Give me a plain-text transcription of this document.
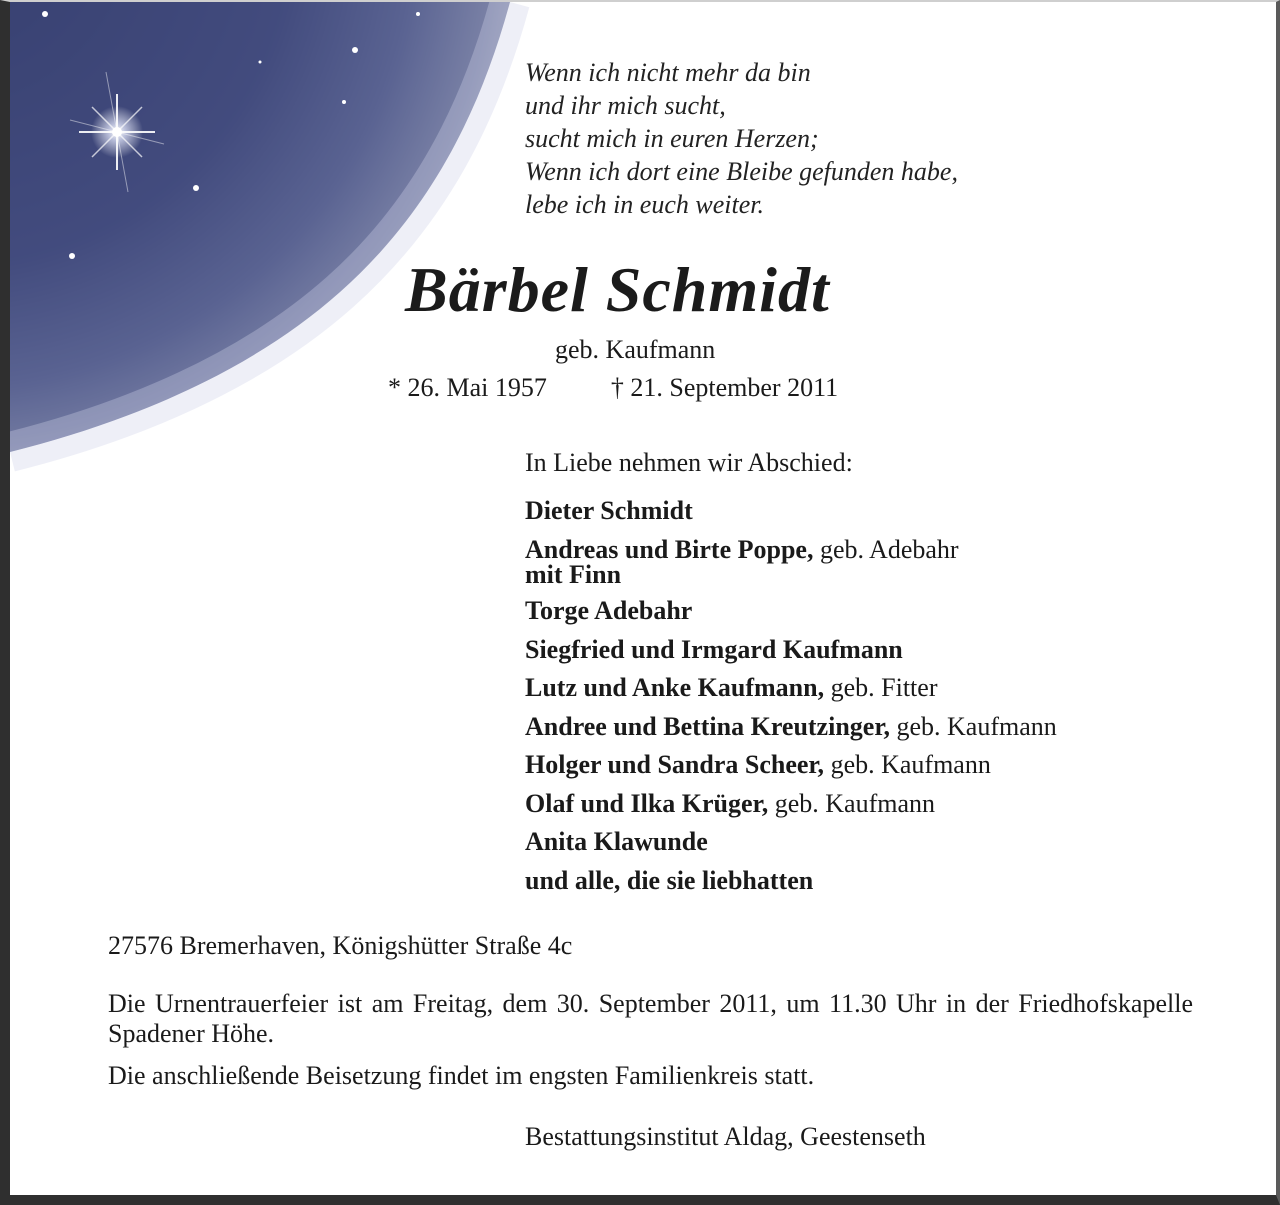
Wenn ich nicht mehr da bin
und ihr mich sucht,
sucht mich in euren Herzen;
Wenn ich dort eine Bleibe gefunden habe,
lebe ich in euch weiter.
Bärbel Schmidt
geb. Kaufmann
* 26. Mai 1957 † 21. September 2011
In Liebe nehmen wir Abschied:
Dieter Schmidt
Andreas und Birte Poppe, geb. Adebahr
mit Finn
Torge Adebahr
Siegfried und Irmgard Kaufmann
Lutz und Anke Kaufmann, geb. Fitter
Andree und Bettina Kreutzinger, geb. Kaufmann
Holger und Sandra Scheer, geb. Kaufmann
Olaf und Ilka Krüger, geb. Kaufmann
Anita Klawunde
und alle, die sie liebhatten
27576 Bremerhaven, Königshütter Straße 4c
Die Urnentrauerfeier ist am Freitag, dem 30. September 2011, um 11.30 Uhr in der Friedhofskapelle Spadener Höhe.
Die anschließende Beisetzung findet im engsten Familienkreis statt.
Bestattungsinstitut Aldag, Geestenseth
